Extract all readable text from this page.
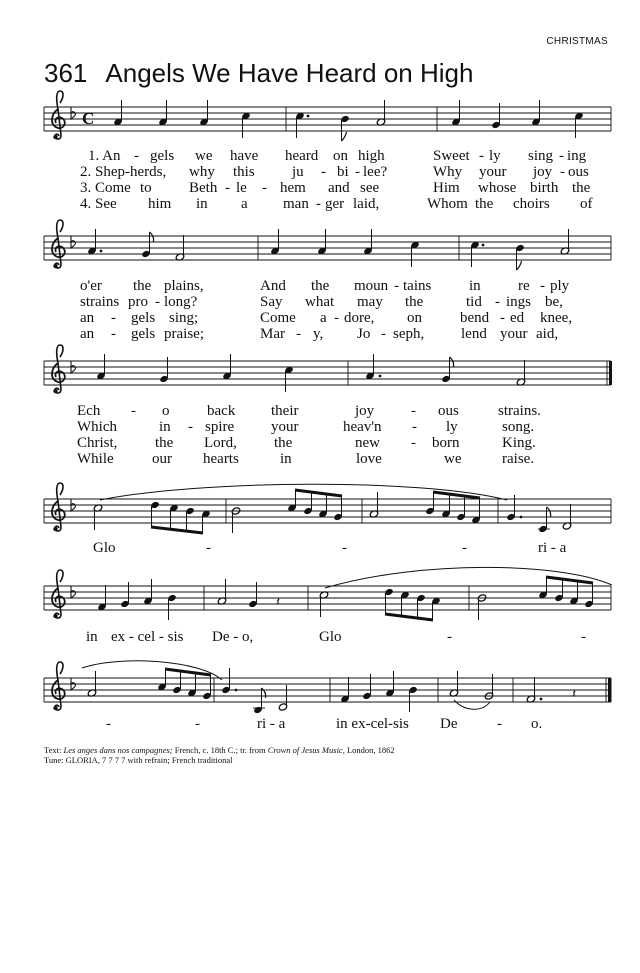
CHRISTMAS
361 Angels We Have Heard on High
C
𝄽
𝄽
1. An - gels we have heard on high	Sweet - ly sing - ing
2. Shep-herds, why this ju - bi - lee?	Why your joy - ous
3. Come to Beth - le - hem and see	Him whose birth the
4. See him in a man - ger laid,	Whom the choirs of
o'er the plains,	And the moun - tains	in re - ply
strains pro - long?	Say what may the	tid - ings be,
an - gels sing;	Come a - dore, on	bend - ed knee,
an - gels praise;	Mar - y, Jo - seph, lend your aid,
Ech - o	back their	joy - ous	strains.
Which	in - spire your	heav'n - ly	song.
Christ,	the Lord, the	new - born	King.
While	our hearts	in	love	we	raise.
Glo	-	-	-	ri - a
in ex - cel - sis De - o,	Glo	-	-
-	-	ri - a	in ex-cel-sis De	- o.
Text: Les anges dans nos campagnes; French, c. 18th C.; tr. from Crown of Jesus Music, London, 1862
Tune: GLORIA, 7 7 7 7 with refrain; French traditional
